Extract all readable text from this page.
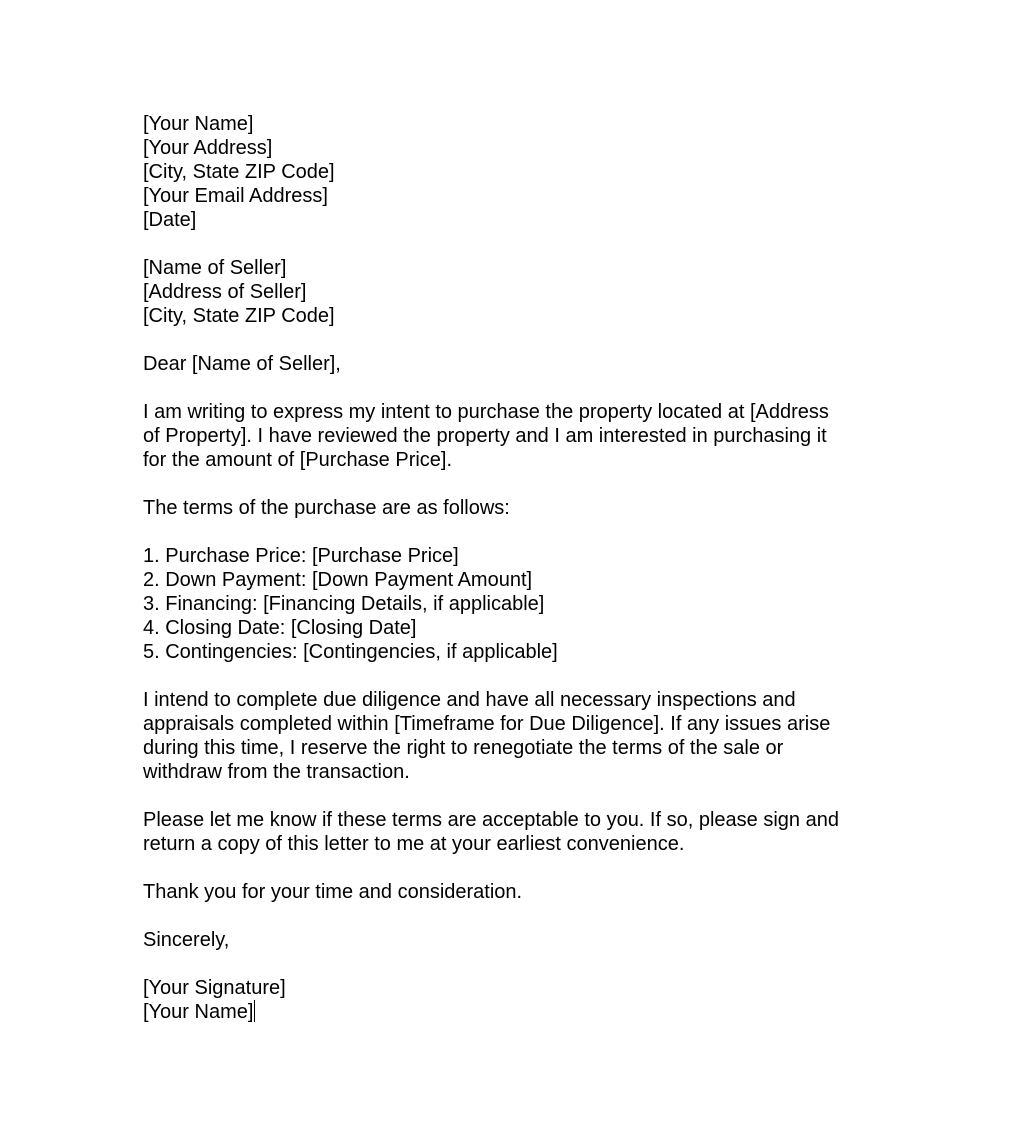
[Your Name]
[Your Address]
[City, State ZIP Code]
[Your Email Address]
[Date]
[Name of Seller]
[Address of Seller]
[City, State ZIP Code]
Dear [Name of Seller],
I am writing to express my intent to purchase the property located at [Address
of Property]. I have reviewed the property and I am interested in purchasing it
for the amount of [Purchase Price].
The terms of the purchase are as follows:
1. Purchase Price: [Purchase Price]
2. Down Payment: [Down Payment Amount]
3. Financing: [Financing Details, if applicable]
4. Closing Date: [Closing Date]
5. Contingencies: [Contingencies, if applicable]
I intend to complete due diligence and have all necessary inspections and
appraisals completed within [Timeframe for Due Diligence]. If any issues arise
during this time, I reserve the right to renegotiate the terms of the sale or
withdraw from the transaction.
Please let me know if these terms are acceptable to you. If so, please sign and
return a copy of this letter to me at your earliest convenience.
Thank you for your time and consideration.
Sincerely,
[Your Signature]
[Your Name]
